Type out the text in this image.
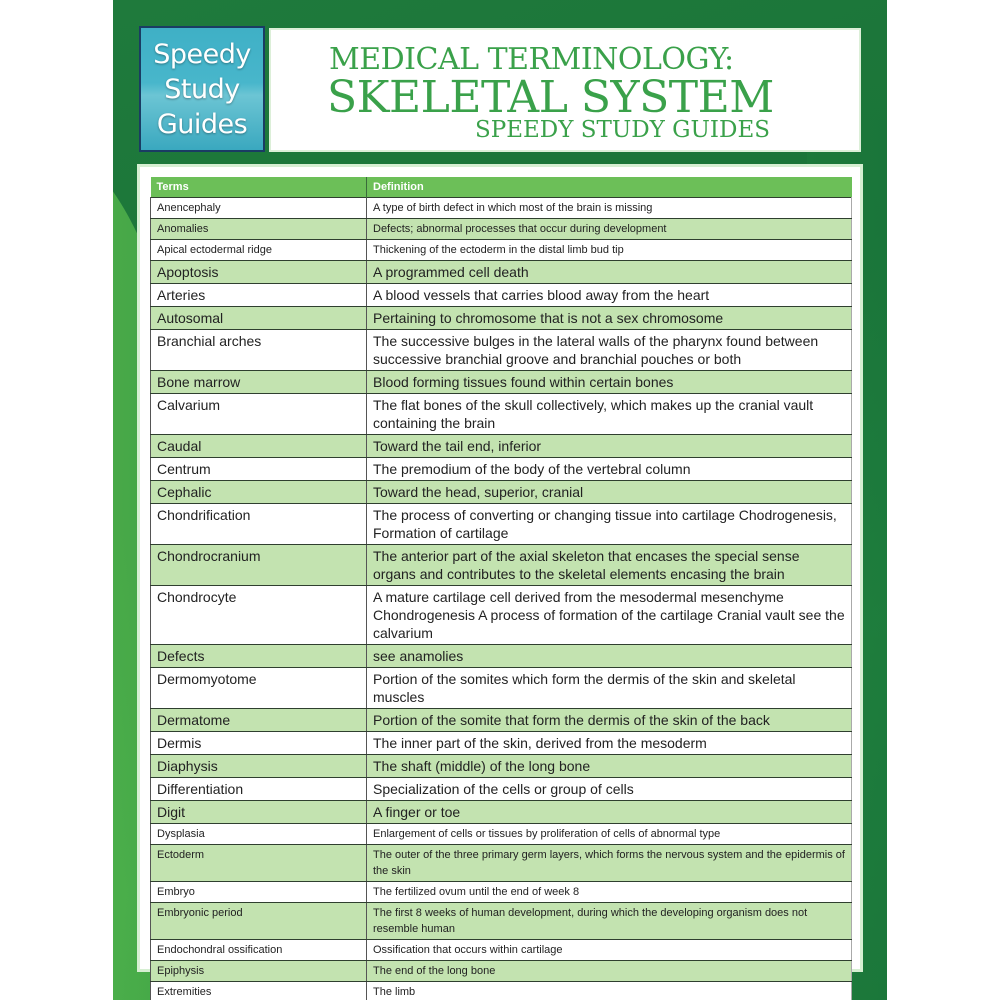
Speedy
Study
Guides
MEDICAL TERMINOLOGY:
SKELETAL SYSTEM
SPEEDY STUDY GUIDES
Terms	Definition
Anencephaly	A type of birth defect in which most of the brain is missing
Anomalies	Defects; abnormal processes that occur during development
Apical ectodermal ridge	Thickening of the ectoderm in the distal limb bud tip
Apoptosis	A programmed cell death
Arteries	A blood vessels that carries blood away from the heart
Autosomal	Pertaining to chromosome that is not a sex chromosome
Branchial arches	The successive bulges in the lateral walls of the pharynx found between successive branchial groove and branchial pouches or both
Bone marrow	Blood forming tissues found within certain bones
Calvarium	The flat bones of the skull collectively, which makes up the cranial vault containing the brain
Caudal	Toward the tail end, inferior
Centrum	The premodium of the body of the vertebral column
Cephalic	Toward the head, superior, cranial
Chondrification	The process of converting or changing tissue into cartilage Chodrogenesis, Formation of cartilage
Chondrocranium	The anterior part of the axial skeleton that encases the special sense organs and contributes to the skeletal elements encasing the brain
Chondrocyte	A mature cartilage cell derived from the mesodermal mesenchyme Chondrogenesis A process of formation of the cartilage Cranial vault see the calvarium
Defects	see anamolies
Dermomyotome	Portion of the somites which form the dermis of the skin and skeletal muscles
Dermatome	Portion of the somite that form the dermis of the skin of the back
Dermis	The inner part of the skin, derived from the mesoderm
Diaphysis	The shaft (middle) of the long bone
Differentiation	Specialization of the cells or group of cells
Digit	A finger or toe
Dysplasia	Enlargement of cells or tissues by proliferation of cells of abnormal type
Ectoderm	The outer of the three primary germ layers, which forms the nervous system and the epidermis of the skin
Embryo	The fertilized ovum until the end of week 8
Embryonic period	The first 8 weeks of human development, during which the developing organism does not resemble human
Endochondral ossification	Ossification that occurs within cartilage
Epiphysis	The end of the long bone
Extremities	The limb
